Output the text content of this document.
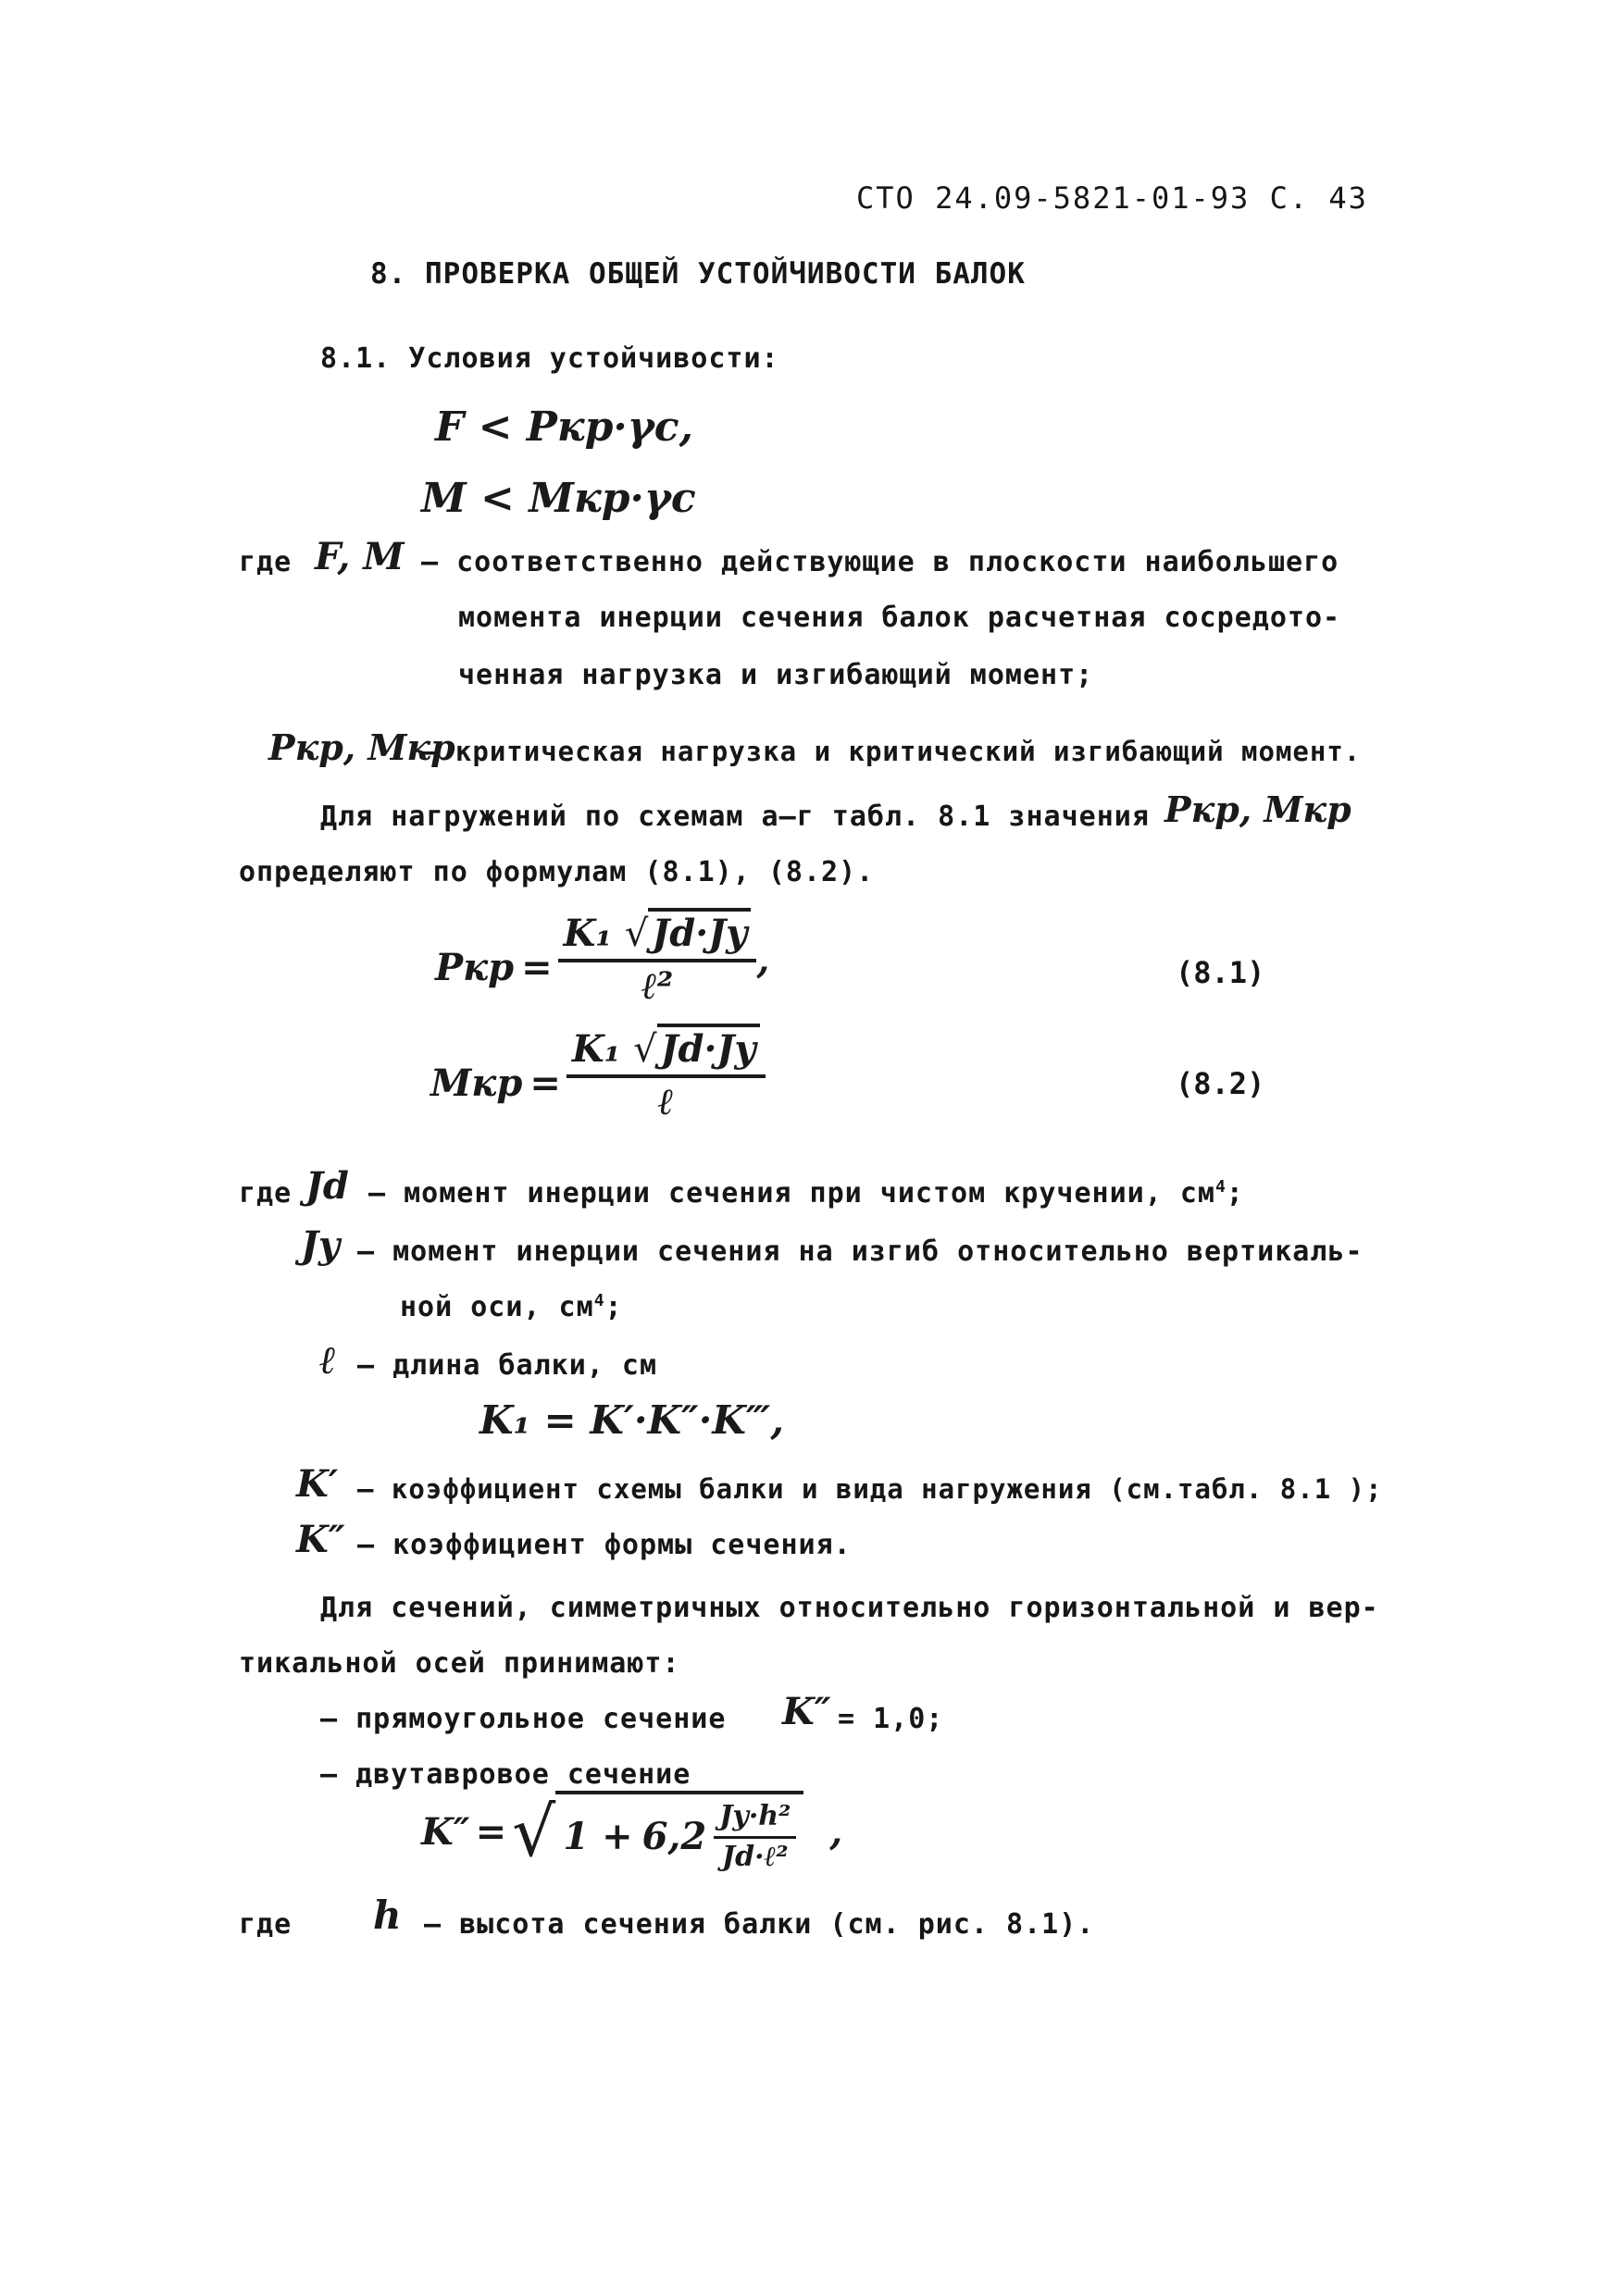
СТО 24.09-5821-01-93 С. 43
8. ПРОВЕРКА ОБЩЕЙ УСТОЙЧИВОСТИ БАЛОК
8.1. Условия устойчивости:
F < Pкр·γс,
M < Mкр·γс
где F, M – соответственно действующие в плоскости наибольшего
момента инерции сечения балок расчетная сосредото-
ченная нагрузка и изгибающий момент;
Pкр, Mкр
– критическая нагрузка и критический изгибающий момент.
Для нагружений по схемам а–г табл. 8.1 значения Pкр, Mкр
определяют по формулам (8.1), (8.2).
Pкр = $\frac{\text{K₁ √ Jd·Jy}}{\text{ℓ²}}$ ,	(8.1)
Mкр = $\frac{\text{K₁ √ Jd·Jy}}{\text{ℓ}}$	(8.2)
где Jd – момент инерции сечения при чистом кручении, $см^4$;
Jy – момент инерции сечения на изгиб относительно вертикаль-
ной оси, $см^4$;
ℓ – длина балки, см
K₁ = K′·K″·K‴,
K′ – коэффициент схемы балки и вида нагружения (см.табл. 8.1 );
K″ – коэффициент формы сечения.
Для сечений, симметричных относительно горизонтальной и вер-
тикальной осей принимают:
– прямоугольное сечение K″ = 1,0;
– двутавровое сечение
K″ = √ $1 + 6,2 \frac{\text{Jy·h²}}{\text{Jd·ℓ²}}$ ,
где h – высота сечения балки (см. рис. 8.1).
